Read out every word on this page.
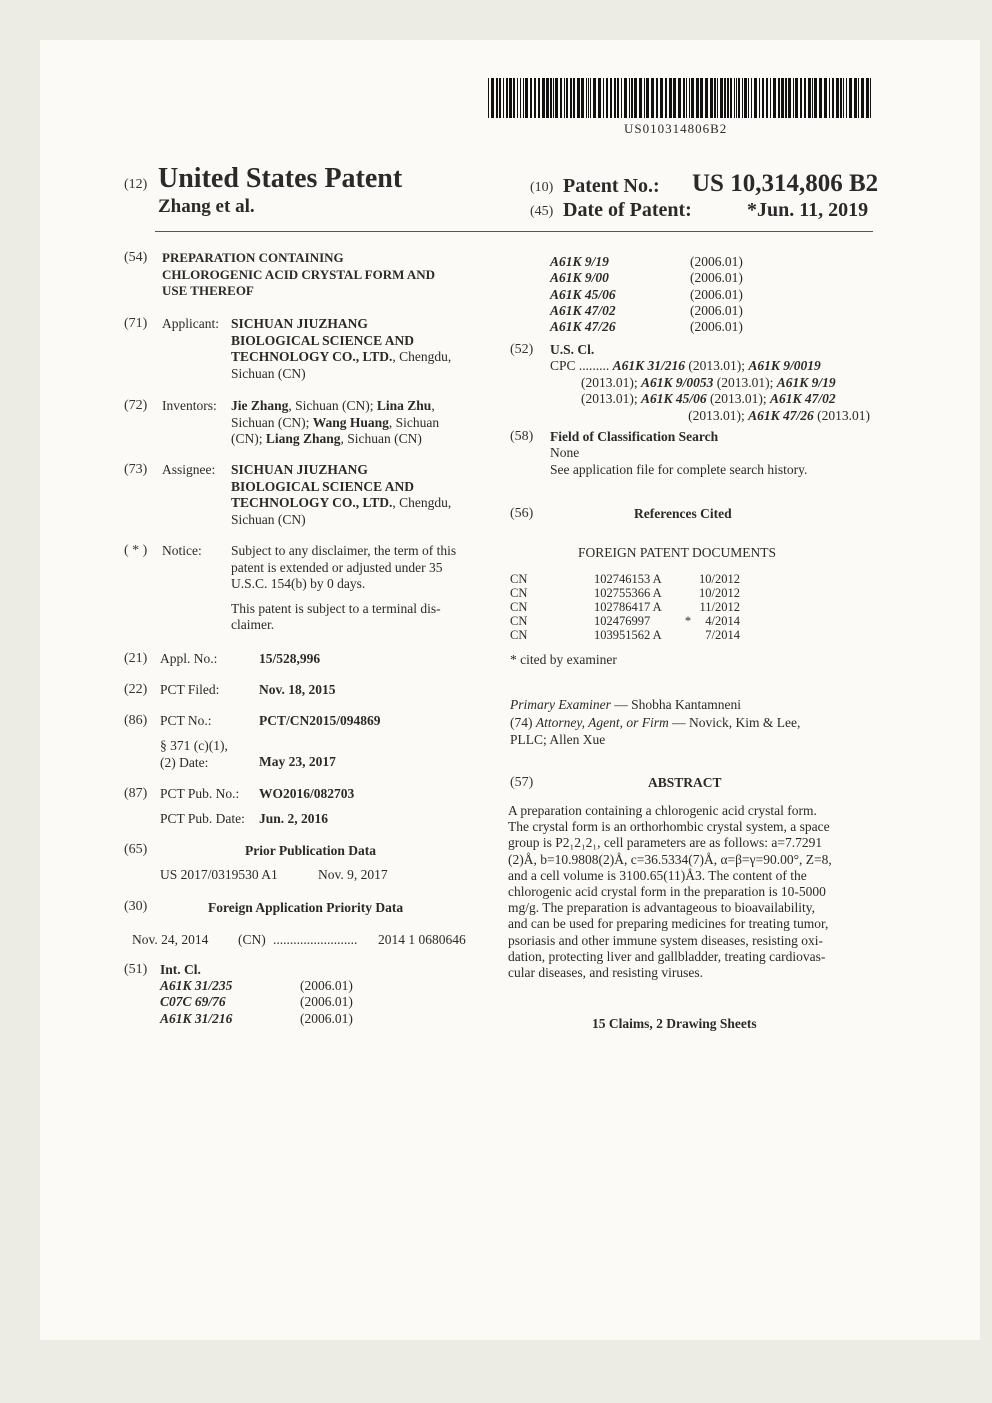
US010314806B2
(12) United States Patent
Zhang et al.
(10) Patent No.: US 10,314,806 B2
(45) Date of Patent:	*Jun. 11, 2019
(54) PREPARATION CONTAINING
CHLOROGENIC ACID CRYSTAL FORM AND
USE THEREOF
(71) Applicant: SICHUAN JIUZHANG
BIOLOGICAL SCIENCE AND
TECHNOLOGY CO., LTD., Chengdu,
Sichuan (CN)
(72) Inventors: Jie Zhang, Sichuan (CN); Lina Zhu,
Sichuan (CN); Wang Huang, Sichuan
(CN); Liang Zhang, Sichuan (CN)
(73) Assignee: SICHUAN JIUZHANG
BIOLOGICAL SCIENCE AND
TECHNOLOGY CO., LTD., Chengdu,
Sichuan (CN)
( * ) Notice: Subject to any disclaimer, the term of this
patent is extended or adjusted under 35
U.S.C. 154(b) by 0 days.
This patent is subject to a terminal dis-
claimer.
(21) Appl. No.:	15/528,996
(22) PCT Filed:	Nov. 18, 2015
(86) PCT No.:	PCT/CN2015/094869
§ 371 (c)(1),
(2) Date:	May 23, 2017
(87) PCT Pub. No.: WO2016/082703
PCT Pub. Date: Jun. 2, 2016
(65)	Prior Publication Data
US 2017/0319530 A1	Nov. 9, 2017
(30)	Foreign Application Priority Data
Nov. 24, 2014 (CN) ......................... 2014 1 0680646
(51) Int. Cl.
A61K 31/235	(2006.01)
C07C 69/76	(2006.01)
A61K 31/216	(2006.01)
A61K 9/19	(2006.01)
A61K 9/00	(2006.01)
A61K 45/06	(2006.01)
A61K 47/02	(2006.01)
A61K 47/26	(2006.01)
(52) U.S. Cl.
CPC ......... A61K 31/216 (2013.01); A61K 9/0019
(2013.01); A61K 9/0053 (2013.01); A61K 9/19
(2013.01); A61K 45/06 (2013.01); A61K 47/02
(2013.01); A61K 47/26 (2013.01)
(58) Field of Classification Search
None
See application file for complete search history.
(56)	References Cited
FOREIGN PATENT DOCUMENTS
CN	102746153 A	10/2012
CN	102755366 A	10/2012
CN	102786417 A	11/2012
CN	102476997	*	4/2014
CN	103951562 A	7/2014
* cited by examiner
Primary Examiner — Shobha Kantamneni
(74) Attorney, Agent, or Firm — Novick, Kim & Lee,
PLLC; Allen Xue
(57)	ABSTRACT
A preparation containing a chlorogenic acid crystal form.
The crystal form is an orthorhombic crystal system, a space
group is P2₁2₁2₁, cell parameters are as follows: a=7.7291
(2)Å, b=10.9808(2)Å, c=36.5334(7)Å, α=β=γ=90.00°, Z=8,
and a cell volume is 3100.65(11)Å3. The content of the
chlorogenic acid crystal form in the preparation is 10-5000
mg/g. The preparation is advantageous to bioavailability,
and can be used for preparing medicines for treating tumor,
psoriasis and other immune system diseases, resisting oxi-
dation, protecting liver and gallbladder, treating cardiovas-
cular diseases, and resisting viruses.
15 Claims, 2 Drawing Sheets
